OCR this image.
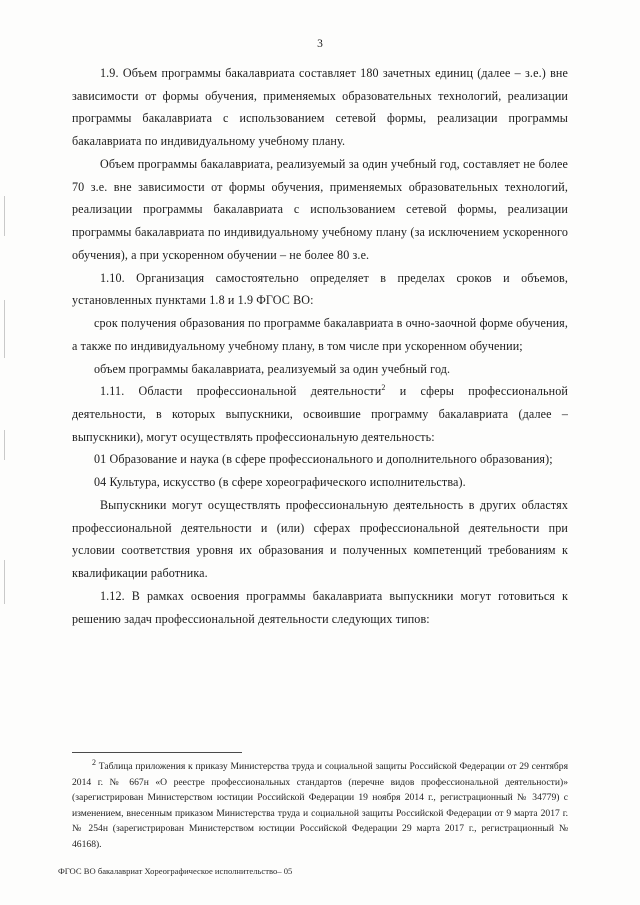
3

1.9. Объем программы бакалавриата составляет 180 зачетных единиц (далее – з.е.) вне зависимости от формы обучения, применяемых образовательных технологий, реализации программы бакалавриата с использованием сетевой формы, реализации программы бакалавриата по индивидуальному учебному плану.

Объем программы бакалавриата, реализуемый за один учебный год, составляет не более 70 з.е. вне зависимости от формы обучения, применяемых образовательных технологий, реализации программы бакалавриата с использованием сетевой формы, реализации программы бакалавриата по индивидуальному учебному плану (за исключением ускоренного обучения), а при ускоренном обучении – не более 80 з.е.

1.10. Организация самостоятельно определяет в пределах сроков и объемов, установленных пунктами 1.8 и 1.9 ФГОС ВО:

срок получения образования по программе бакалавриата в очно-заочной форме обучения, а также по индивидуальному учебному плану, в том числе при ускоренном обучении;

объем программы бакалавриата, реализуемый за один учебный год.

1.11. Области профессиональной деятельности$^2$ и сферы профессиональной деятельности, в которых выпускники, освоившие программу бакалавриата (далее – выпускники), могут осуществлять профессиональную деятельность:

01 Образование и наука (в сфере профессионального и дополнительного образования);

04 Культура, искусство (в сфере хореографического исполнительства).

Выпускники могут осуществлять профессиональную деятельность в других областях профессиональной деятельности и (или) сферах профессиональной деятельности при условии соответствия уровня их образования и полученных компетенций требованиям к квалификации работника.

1.12. В рамках освоения программы бакалавриата выпускники могут готовиться к решению задач профессиональной деятельности следующих типов:

$^2$ Таблица приложения к приказу Министерства труда и социальной защиты Российской Федерации от 29 сентября 2014 г. № 667н «О реестре профессиональных стандартов (перечне видов профессиональной деятельности)» (зарегистрирован Министерством юстиции Российской Федерации 19 ноября 2014 г., регистрационный № 34779) с изменением, внесенным приказом Министерства труда и социальной защиты Российской Федерации от 9 марта 2017 г. № 254н (зарегистрирован Министерством юстиции Российской Федерации 29 марта 2017 г., регистрационный № 46168).

ФГОС ВО бакалавриат Хореографическое исполнительство– 05
